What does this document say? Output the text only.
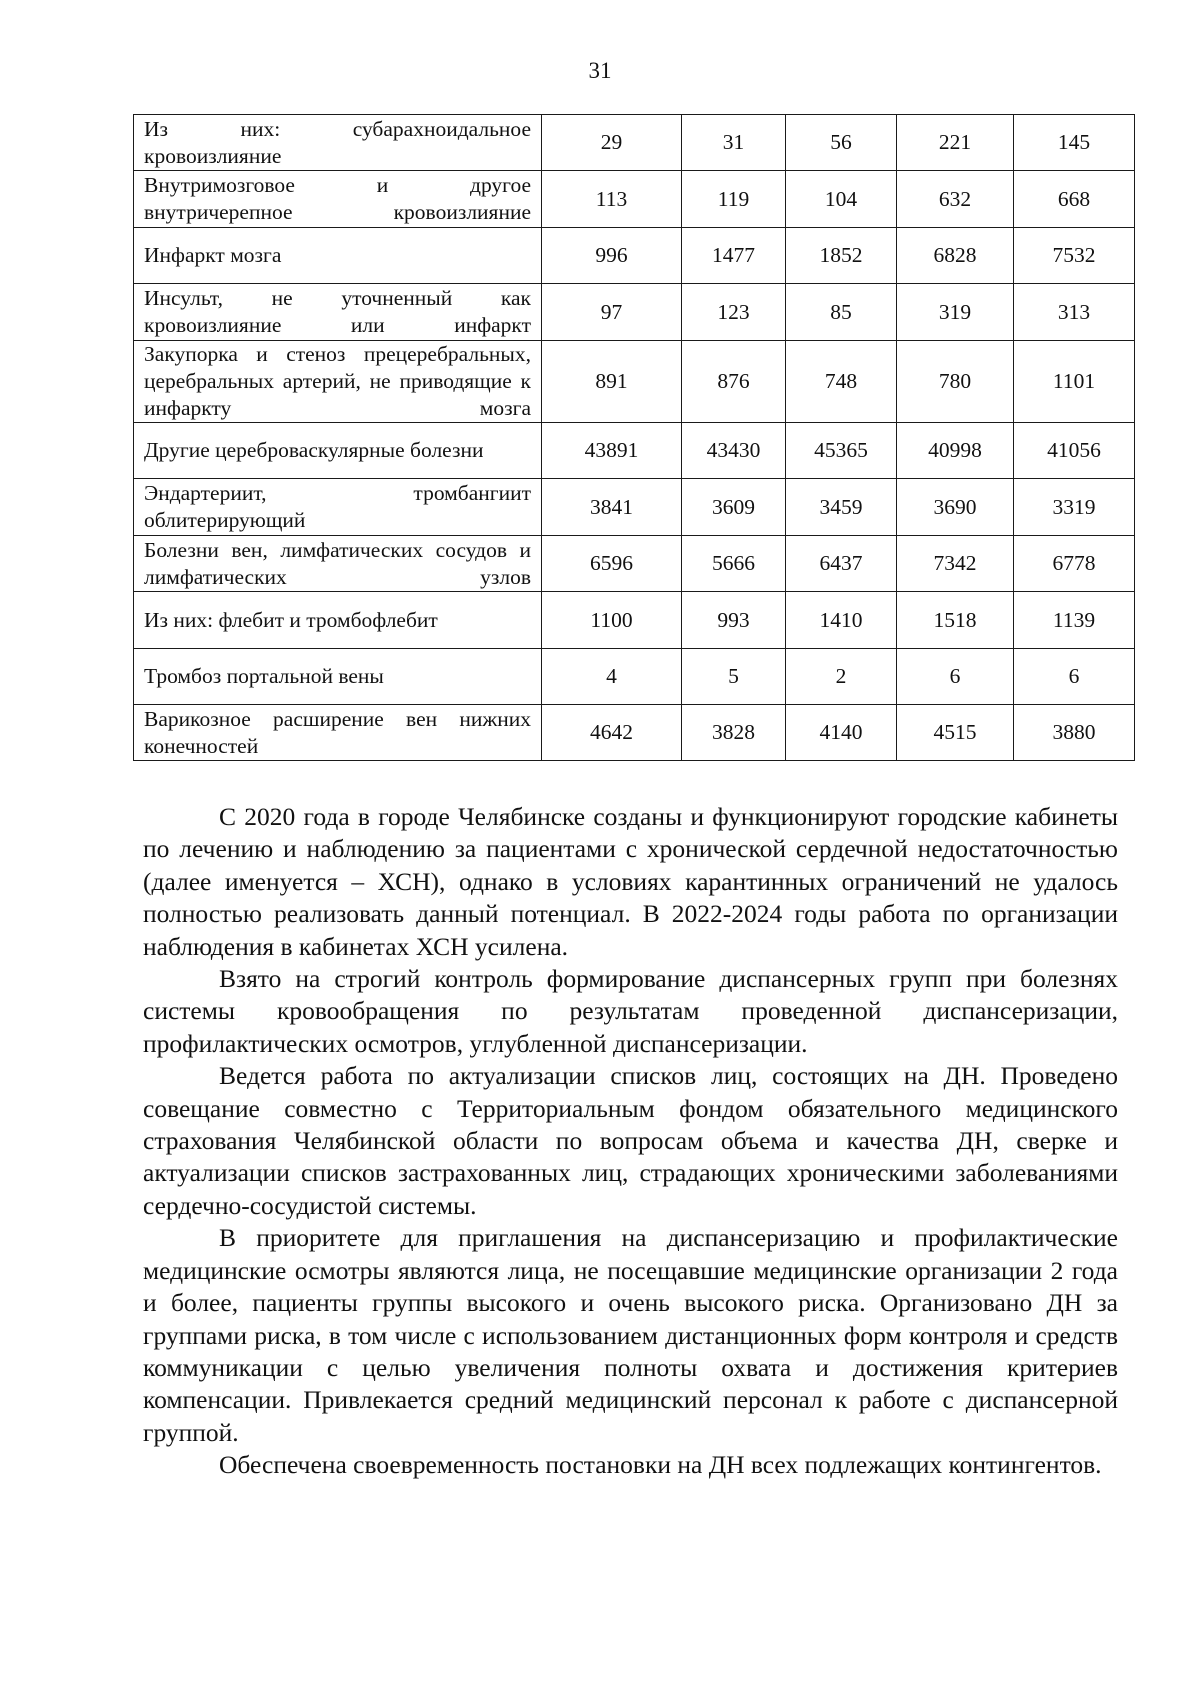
31
Из них: субарахноидальное кровоизлияние	29	31	56	221	145
Внутримозговое и другое внутричерепное кровоизлияние	113	119	104	632	668
Инфаркт мозга	996	1477	1852	6828	7532
Инсульт, не уточненный как кровоизлияние или инфаркт	97	123	85	319	313
Закупорка и стеноз прецеребральных, церебральных артерий, не приводящие к инфаркту мозга	891	876	748	780	1101
Другие цереброваскулярные болезни	43891	43430	45365	40998	41056
Эндартериит, тромбангиит облитерирующий	3841	3609	3459	3690	3319
Болезни вен, лимфатических сосудов и лимфатических узлов	6596	5666	6437	7342	6778
Из них: флебит и тромбофлебит	1100	993	1410	1518	1139
Тромбоз портальной вены	4	5	2	6	6
Варикозное расширение вен нижних конечностей	4642	3828	4140	4515	3880

С 2020 года в городе Челябинске созданы и функционируют городские кабинеты по лечению и наблюдению за пациентами с хронической сердечной недостаточностью (далее именуется – ХСН), однако в условиях карантинных ограничений не удалось полностью реализовать данный потенциал. В 2022-2024 годы работа по организации наблюдения в кабинетах ХСН усилена.

Взято на строгий контроль формирование диспансерных групп при болезнях системы кровообращения по результатам проведенной диспансеризации, профилактических осмотров, углубленной диспансеризации.

Ведется работа по актуализации списков лиц, состоящих на ДН. Проведено совещание совместно с Территориальным фондом обязательного медицинского страхования Челябинской области по вопросам объема и качества ДН, сверке и актуализации списков застрахованных лиц, страдающих хроническими заболеваниями сердечно-сосудистой системы.

В приоритете для приглашения на диспансеризацию и профилактические медицинские осмотры являются лица, не посещавшие медицинские организации 2 года и более, пациенты группы высокого и очень высокого риска. Организовано ДН за группами риска, в том числе с использованием дистанционных форм контроля и средств коммуникации с целью увеличения полноты охвата и достижения критериев компенсации. Привлекается средний медицинский персонал к работе с диспансерной группой.

Обеспечена своевременность постановки на ДН всех подлежащих контингентов.
